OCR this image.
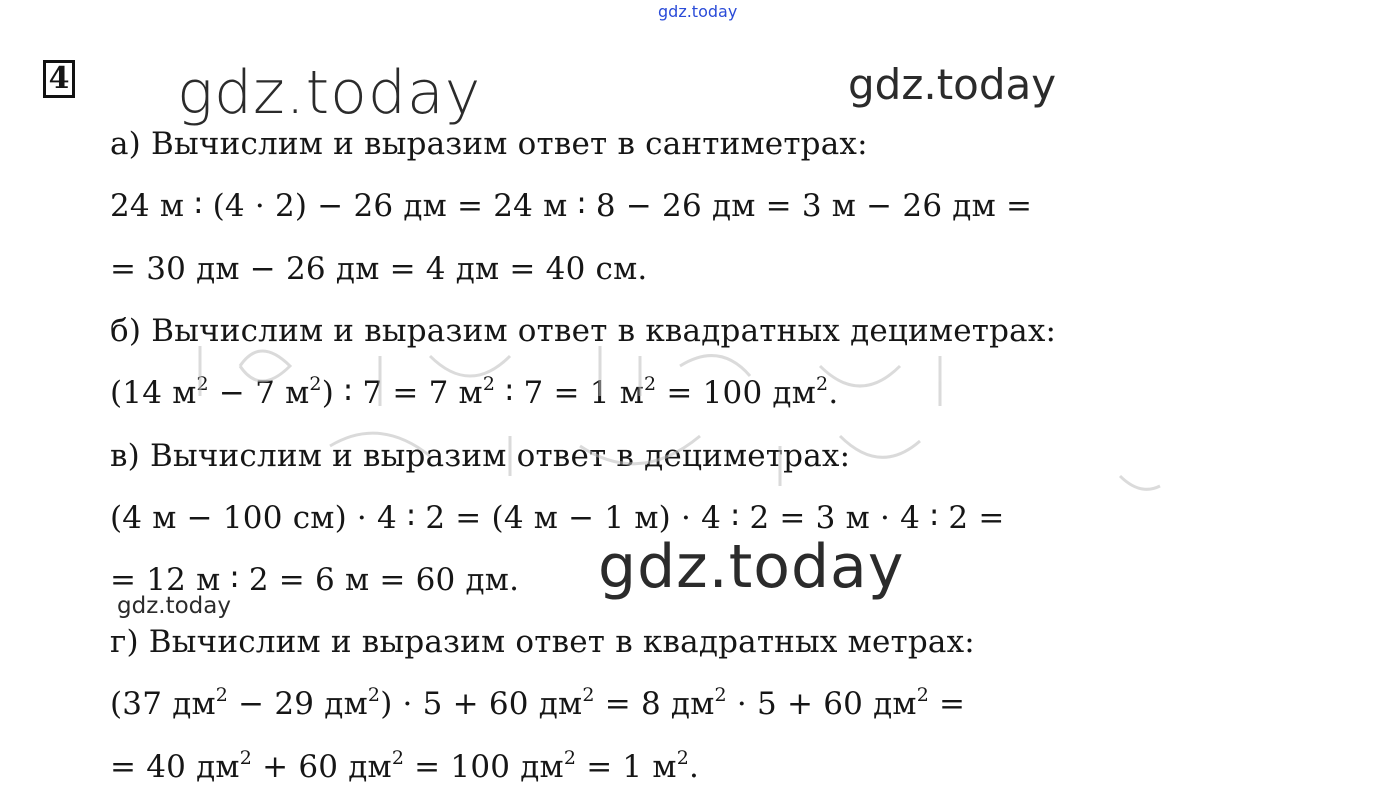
4
gdz.today
gdz.today	gdz.today
а) Вычислим и выразим ответ в сантиметрах:
24 м ∶ (4 · 2) − 26 дм = 24 м ∶ 8 − 26 дм = 3 м − 26 дм =
= 30 дм − 26 дм = 4 дм = 40 см.
б) Вычислим и выразим ответ в квадратных дециметрах:
(14 $м^2 - 7$ $м^2$) ∶ 7 = 7 $м^2$ ∶ 7 = 1 $м^2 = 100$ $дм^2$.
в) Вычислим и выразим ответ в дециметрах:
(4 м − 100 см) · 4 ∶ 2 = (4 м − 1 м) · 4 ∶ 2 = 3 м · 4 ∶ 2 =
= 12 м ∶ 2 = 6 м = 60 дм.
г) Вычислим и выразим ответ в квадратных метрах:
(37 $дм^2 - 29$ $дм^2) \cdot 5 + 60$ $дм^2 = 8$ $дм^2 \cdot 5 + 60$ $дм^2$ =
= 40 $дм^2 + 60$ $дм^2 = 100$ $дм^2 = 1$ $м^2$.
gdz.today
gdz.today
